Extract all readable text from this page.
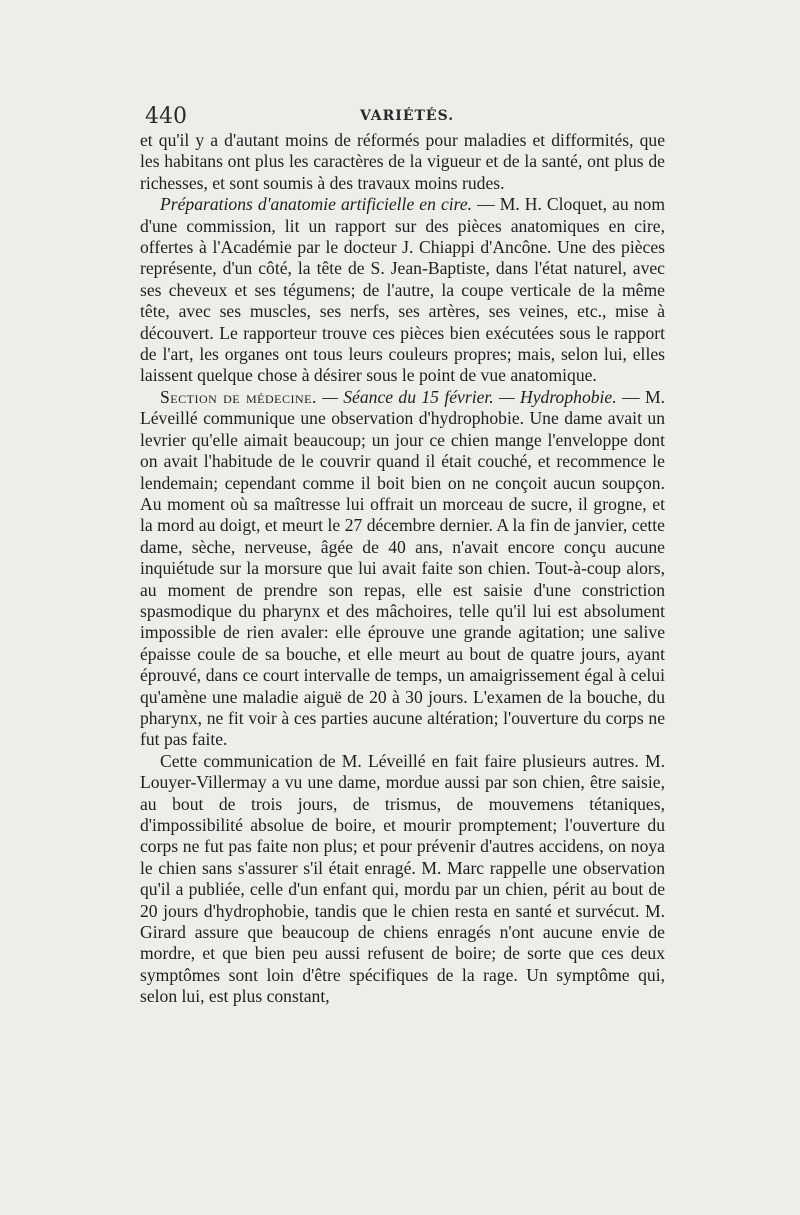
440	VARIÉTÉS.

et qu'il y a d'autant moins de réformés pour maladies et difformités, que les habitans ont plus les caractères de la vigueur et de la santé, ont plus de richesses, et sont soumis à des travaux moins rudes.

Préparations d'anatomie artificielle en cire. — M. H. Cloquet, au nom d'une commission, lit un rapport sur des pièces anatomiques en cire, offertes à l'Académie par le docteur J. Chiappi d'Ancône. Une des pièces représente, d'un côté, la tête de S. Jean-Baptiste, dans l'état naturel, avec ses cheveux et ses tégumens; de l'autre, la coupe verticale de la même tête, avec ses muscles, ses nerfs, ses artères, ses veines, etc., mise à découvert. Le rapporteur trouve ces pièces bien exécutées sous le rapport de l'art, les organes ont tous leurs couleurs propres; mais, selon lui, elles laissent quelque chose à désirer sous le point de vue anatomique.

Section de médecine. — Séance du 15 février. — Hydrophobie. — M. Léveillé communique une observation d'hydrophobie. Une dame avait un levrier qu'elle aimait beaucoup; un jour ce chien mange l'enveloppe dont on avait l'habitude de le couvrir quand il était couché, et recommence le lendemain; cependant comme il boit bien on ne conçoit aucun soupçon. Au moment où sa maîtresse lui offrait un morceau de sucre, il grogne, et la mord au doigt, et meurt le 27 décembre dernier. A la fin de janvier, cette dame, sèche, nerveuse, âgée de 40 ans, n'avait encore conçu aucune inquiétude sur la morsure que lui avait faite son chien. Tout-à-coup alors, au moment de prendre son repas, elle est saisie d'une constriction spasmodique du pharynx et des mâchoires, telle qu'il lui est absolument impossible de rien avaler: elle éprouve une grande agitation; une salive épaisse coule de sa bouche, et elle meurt au bout de quatre jours, ayant éprouvé, dans ce court intervalle de temps, un amaigrissement égal à celui qu'amène une maladie aiguë de 20 à 30 jours. L'examen de la bouche, du pharynx, ne fit voir à ces parties aucune altération; l'ouverture du corps ne fut pas faite.

Cette communication de M. Léveillé en fait faire plusieurs autres. M. Louyer-Villermay a vu une dame, mordue aussi par son chien, être saisie, au bout de trois jours, de trismus, de mouvemens tétaniques, d'impossibilité absolue de boire, et mourir promptement; l'ouverture du corps ne fut pas faite non plus; et pour prévenir d'autres accidens, on noya le chien sans s'assurer s'il était enragé. M. Marc rappelle une observation qu'il a publiée, celle d'un enfant qui, mordu par un chien, périt au bout de 20 jours d'hydrophobie, tandis que le chien resta en santé et survécut. M. Girard assure que beaucoup de chiens enragés n'ont aucune envie de mordre, et que bien peu aussi refusent de boire; de sorte que ces deux symptômes sont loin d'être spécifiques de la rage. Un symptôme qui, selon lui, est plus constant,
